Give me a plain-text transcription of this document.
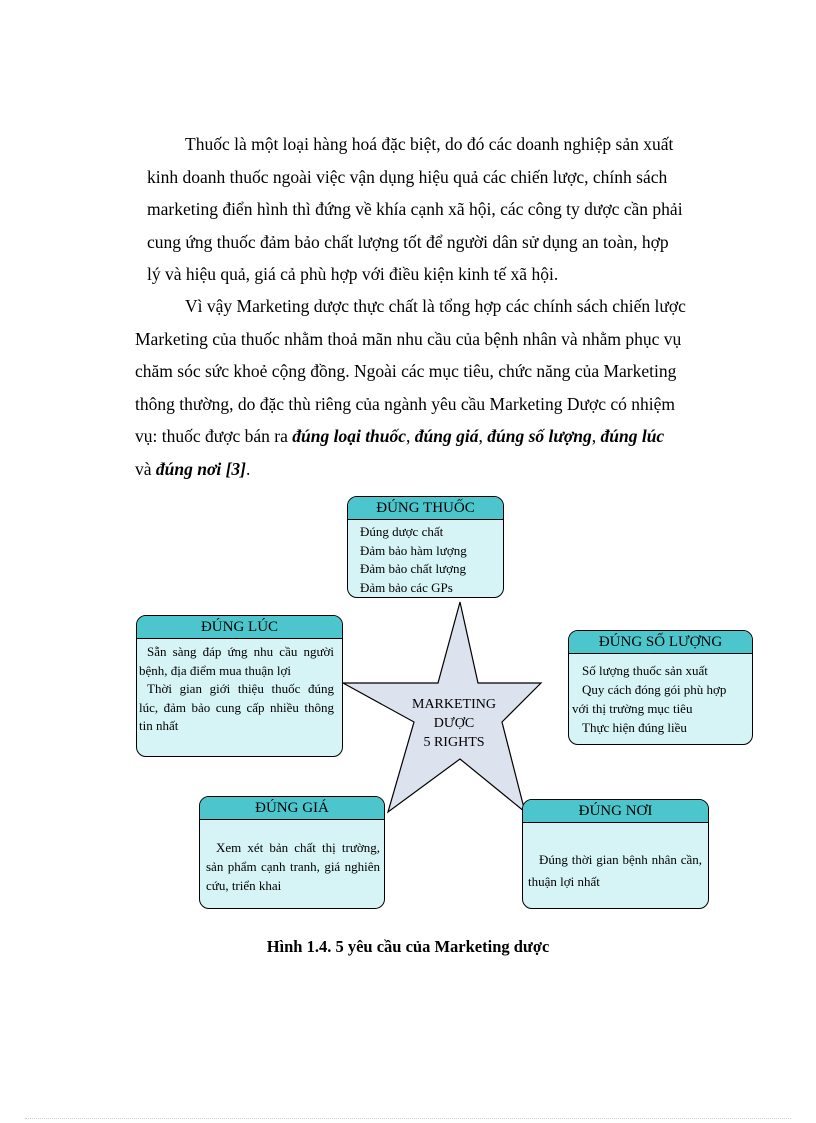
Thuốc là một loại hàng hoá đặc biệt, do đó các doanh nghiệp sản xuất
kinh doanh thuốc ngoài việc vận dụng hiệu quả các chiến lược, chính sách
marketing điển hình thì đứng về khía cạnh xã hội, các công ty dược cần phải
cung ứng thuốc đảm bảo chất lượng tốt để người dân sử dụng an toàn, hợp
lý và hiệu quả, giá cả phù hợp với điều kiện kinh tế xã hội.
Vì vậy Marketing dược thực chất là tổng hợp các chính sách chiến lược
Marketing của thuốc nhằm thoả mãn nhu cầu của bệnh nhân và nhằm phục vụ
chăm sóc sức khoẻ cộng đồng. Ngoài các mục tiêu, chức năng của Marketing
thông thường, do đặc thù riêng của ngành yêu cầu Marketing Dược có nhiệm
vụ: thuốc được bán ra đúng loại thuốc, đúng giá, đúng số lượng, đúng lúc
và đúng nơi [3].
MARKETING
DƯỢC
5 RIGHTS
ĐÚNG THUỐC
Đúng dược chất
Đảm bảo hàm lượng
Đảm bảo chất lượng
Đảm bảo các GPs
ĐÚNG LÚC
Sẵn sàng đáp ứng nhu cầu người bệnh, địa điểm mua thuận lợi
Thời gian giới thiệu thuốc đúng lúc, đảm bảo cung cấp nhiều thông tin nhất
ĐÚNG SỐ LƯỢNG
Số lượng thuốc sản xuất
Quy cách đóng gói phù hợp với thị trường mục tiêu
Thực hiện đúng liều
ĐÚNG GIÁ
Xem xét bản chất thị trường, sản phẩm cạnh tranh, giá nghiên cứu, triển khai
ĐÚNG NƠI
Đúng thời gian bệnh nhân cần, thuận lợi nhất
Hình 1.4. 5 yêu cầu của Marketing dược
